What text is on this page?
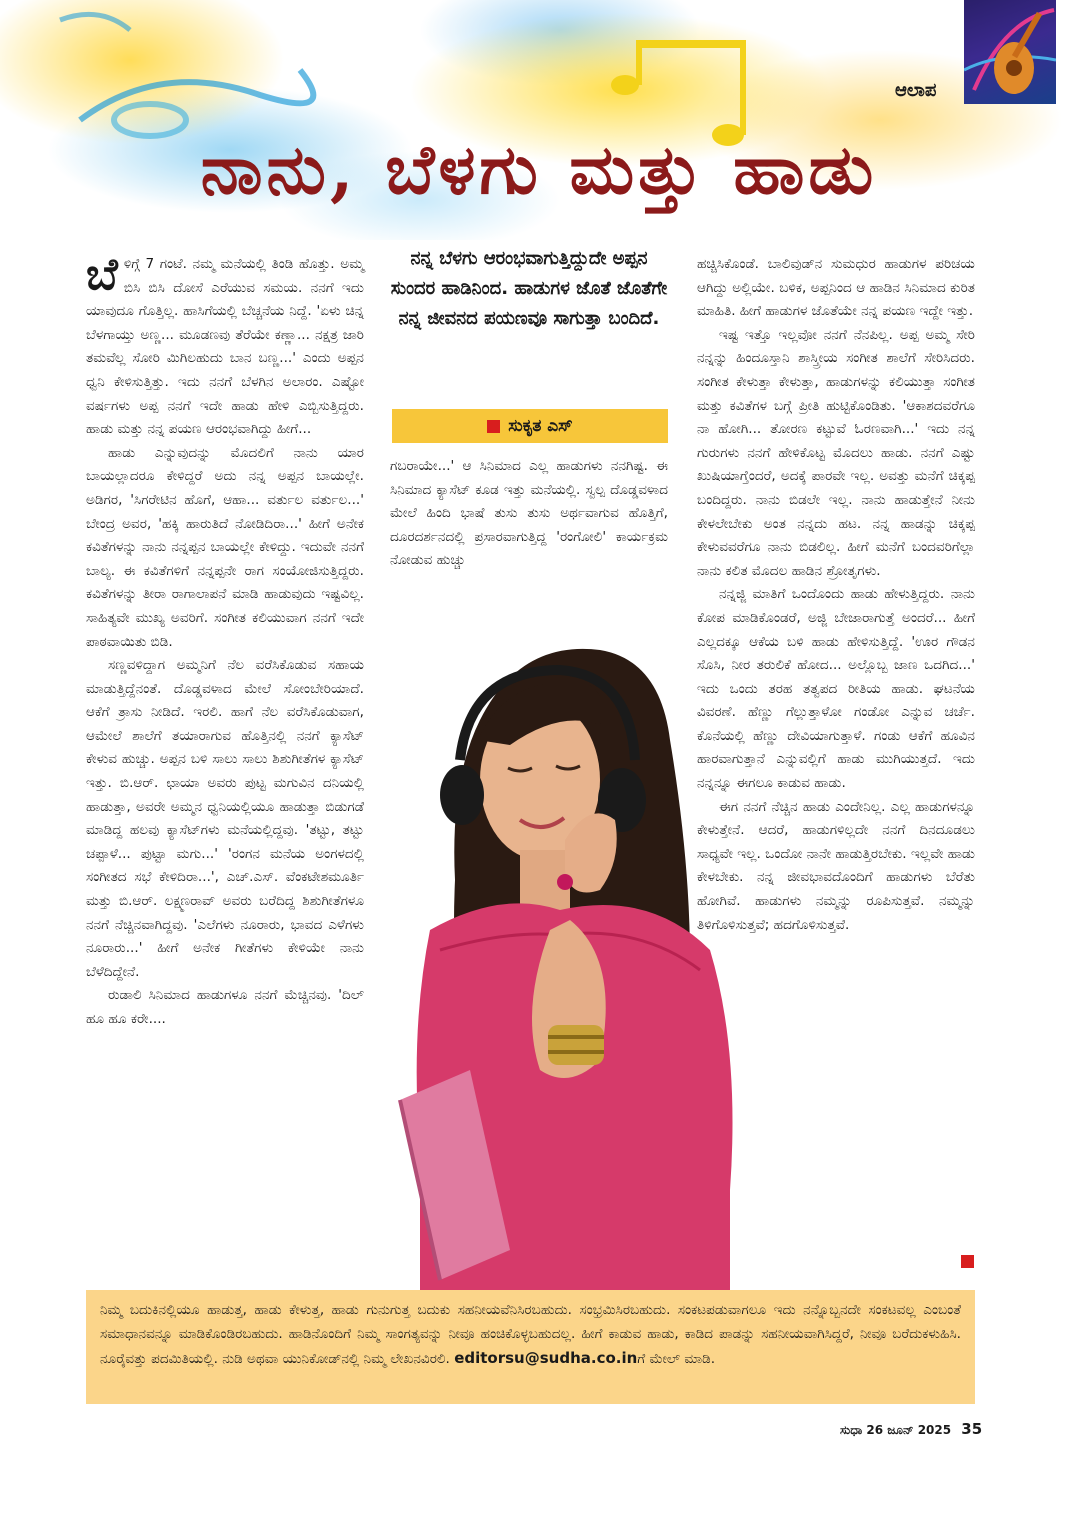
ಆಲಾಪ
ನಾನು, ಬೆಳಗು ಮತ್ತು ಹಾಡು

ಬೆಳಿಗ್ಗೆ 7 ಗಂಟೆ. ನಮ್ಮ ಮನೆಯಲ್ಲಿ ತಿಂಡಿ ಹೊತ್ತು. ಅಮ್ಮ ಬಿಸಿ ಬಿಸಿ ದೋಸೆ ಎರೆಯುವ ಸಮಯ. ನನಗೆ ಇದು ಯಾವುದೂ ಗೊತ್ತಿಲ್ಲ. ಹಾಸಿಗೆಯಲ್ಲಿ ಬೆಚ್ಚನೆಯ ನಿದ್ದೆ. 'ಏಳು ಚಿನ್ನ ಬೆಳಗಾಯ್ತು ಅಣ್ಣ... ಮೂಡಣವು ತೆರೆಯೇ ಕಣ್ಣಾ... ನಕ್ಷತ್ರ ಜಾರಿ ತಮವೆಲ್ಲ ಸೋರಿ ಮಿಗಿಲಹುದು ಬಾನ ಬಣ್ಣ...' ಎಂದು ಅಪ್ಪನ ಧ್ವನಿ ಕೇಳಿಸುತ್ತಿತ್ತು. ಇದು ನನಗೆ ಬೆಳಗಿನ ಅಲಾರಂ. ಎಷ್ಟೋ ವರ್ಷಗಳು ಅಪ್ಪ ನನಗೆ ಇದೇ ಹಾಡು ಹೇಳಿ ಎಬ್ಬಿಸುತ್ತಿದ್ದರು. ಹಾಡು ಮತ್ತು ನನ್ನ ಪಯಣ ಆರಂಭವಾಗಿದ್ದು ಹೀಗೆ...

ಹಾಡು ಎನ್ನುವುದನ್ನು ಮೊದಲಿಗೆ ನಾನು ಯಾರ ಬಾಯಲ್ಲಾದರೂ ಕೇಳಿದ್ದರೆ ಅದು ನನ್ನ ಅಪ್ಪನ ಬಾಯಲ್ಲೇ. ಅಡಿಗರ, 'ಸಿಗರೇಟಿನ ಹೊಗೆ, ಆಹಾ... ವರ್ತುಲ ವರ್ತುಲ...' ಬೇಂದ್ರ ಅವರ, 'ಹಕ್ಕಿ ಹಾರುತಿದೆ ನೋಡಿದಿರಾ...' ಹೀಗೆ ಅನೇಕ ಕವಿತೆಗಳನ್ನು ನಾನು ನನ್ನಪ್ಪನ ಬಾಯಲ್ಲೇ ಕೇಳಿದ್ದು. ಇದುವೇ ನನಗೆ ಬಾಲ್ಯ. ಈ ಕವಿತೆಗಳಿಗೆ ನನ್ನಪ್ಪನೇ ರಾಗ ಸಂಯೋಜಿಸುತ್ತಿದ್ದರು. ಕವಿತೆಗಳನ್ನು ತೀರಾ ರಾಗಾಲಾಪನೆ ಮಾಡಿ ಹಾಡುವುದು ಇಷ್ಟವಿಲ್ಲ. ಸಾಹಿತ್ಯವೇ ಮುಖ್ಯ ಅವರಿಗೆ. ಸಂಗೀತ ಕಲಿಯುವಾಗ ನನಗೆ ಇದೇ ಪಾಠವಾಯಿತು ಬಿಡಿ.

ಸಣ್ಣವಳಿದ್ದಾಗ ಅಮ್ಮನಿಗೆ ನೆಲ ವರೆಸಿಕೊಡುವ ಸಹಾಯ ಮಾಡುತ್ತಿದ್ದೆನಂತೆ. ದೊಡ್ಡವಳಾದ ಮೇಲೆ ಸೋಂಬೇರಿಯಾದೆ. ಆಕೆಗೆ ತ್ರಾಸು ನೀಡಿದೆ. ಇರಲಿ. ಹಾಗೆ ನೆಲ ವರೆಸಿಕೊಡುವಾಗ, ಆಮೇಲೆ ಶಾಲೆಗೆ ತಯಾರಾಗುವ ಹೊತ್ತಿನಲ್ಲಿ ನನಗೆ ಕ್ಯಾಸೆಟ್ ಕೇಳುವ ಹುಚ್ಚು. ಅಪ್ಪನ ಬಳಿ ಸಾಲು ಸಾಲು ಶಿಶುಗೀತೆಗಳ ಕ್ಯಾಸೆಟ್ ಇತ್ತು. ಬಿ.ಆರ್. ಛಾಯಾ ಅವರು ಪುಟ್ಟ ಮಗುವಿನ ದನಿಯಲ್ಲಿ ಹಾಡುತ್ತಾ, ಅವರೇ ಅಮ್ಮನ ಧ್ವನಿಯಲ್ಲಿಯೂ ಹಾಡುತ್ತಾ ಬಿಡುಗಡೆ ಮಾಡಿದ್ದ ಹಲವು ಕ್ಯಾಸೆಟ್‌ಗಳು ಮನೆಯಲ್ಲಿದ್ದವು. 'ತಟ್ಟು, ತಟ್ಟು ಚಪ್ಪಾಳೆ... ಪುಟ್ಟಾ ಮಗು...' 'ರಂಗನ ಮನೆಯ ಅಂಗಳದಲ್ಲಿ ಸಂಗೀತದ ಸಭೆ ಕೇಳಿದಿರಾ...', ಎಚ್.ಎಸ್. ವೆಂಕಟೇಶಮೂರ್ತಿ ಮತ್ತು ಬಿ.ಆರ್. ಲಕ್ಷ್ಮಣರಾವ್ ಅವರು ಬರೆದಿದ್ದ ಶಿಶುಗೀತೆಗಳೂ ನನಗೆ ನೆಚ್ಚಿನವಾಗಿದ್ದವು. 'ಎಲೆಗಳು ನೂರಾರು, ಭಾವದ ಎಳೆಗಳು ನೂರಾರು...' ಹೀಗೆ ಅನೇಕ ಗೀತೆಗಳು ಕೇಳಿಯೇ ನಾನು ಬೆಳೆದಿದ್ದೇನೆ.

ರುಡಾಲಿ ಸಿನಿಮಾದ ಹಾಡುಗಳೂ ನನಗೆ ಮೆಚ್ಚಿನವು. 'ದಿಲ್ ಹೂ ಹೂ ಕರೇ....

ನನ್ನ ಬೆಳಗು ಆರಂಭವಾಗುತ್ತಿದ್ದುದೇ ಅಪ್ಪನ ಸುಂದರ ಹಾಡಿನಿಂದ. ಹಾಡುಗಳ ಜೊತೆ ಜೊತೆಗೇ ನನ್ನ ಜೀವನದ ಪಯಣವೂ ಸಾಗುತ್ತಾ ಬಂದಿದೆ.
ಸುಕೃತ ಎಸ್

ಗಬರಾಯೇ...' ಆ ಸಿನಿಮಾದ ಎಲ್ಲ ಹಾಡುಗಳು ನನಗಿಷ್ಟ. ಈ ಸಿನಿಮಾದ ಕ್ಯಾಸೆಟ್ ಕೂಡ ಇತ್ತು ಮನೆಯಲ್ಲಿ. ಸ್ವಲ್ಪ ದೊಡ್ಡವಳಾದ ಮೇಲೆ ಹಿಂದಿ ಭಾಷೆ ತುಸು ತುಸು ಅರ್ಥವಾಗುವ ಹೊತ್ತಿಗೆ, ದೂರದರ್ಶನದಲ್ಲಿ ಪ್ರಸಾರವಾಗುತ್ತಿದ್ದ 'ರಂಗೋಲಿ' ಕಾರ್ಯಕ್ರಮ ನೋಡುವ ಹುಚ್ಚು

ಹಚ್ಚಿಸಿಕೊಂಡೆ. ಬಾಲಿವುಡ್‌ನ ಸುಮಧುರ ಹಾಡುಗಳ ಪರಿಚಯ ಆಗಿದ್ದು ಅಲ್ಲಿಯೇ. ಬಳಿಕ, ಅಪ್ಪನಿಂದ ಆ ಹಾಡಿನ ಸಿನಿಮಾದ ಕುರಿತ ಮಾಹಿತಿ. ಹೀಗೆ ಹಾಡುಗಳ ಜೊತೆಯೇ ನನ್ನ ಪಯಣ ಇದ್ದೇ ಇತ್ತು.

ಇಷ್ಟ ಇತ್ತೊ ಇಲ್ಲವೋ ನನಗೆ ನೆನಪಿಲ್ಲ. ಅಪ್ಪ ಅಮ್ಮ ಸೇರಿ ನನ್ನನ್ನು ಹಿಂದೂಸ್ತಾನಿ ಶಾಸ್ತ್ರೀಯ ಸಂಗೀತ ಶಾಲೆಗೆ ಸೇರಿಸಿದರು. ಸಂಗೀತ ಕೇಳುತ್ತಾ ಕೇಳುತ್ತಾ, ಹಾಡುಗಳನ್ನು ಕಲಿಯುತ್ತಾ ಸಂಗೀತ ಮತ್ತು ಕವಿತೆಗಳ ಬಗ್ಗೆ ಪ್ರೀತಿ ಹುಟ್ಟಿಕೊಂಡಿತು. 'ಆಕಾಶದವರೆಗೂ ನಾ ಹೋಗಿ... ತೋರಣ ಕಟ್ಟುವೆ ಓರಣವಾಗಿ...' ಇದು ನನ್ನ ಗುರುಗಳು ನನಗೆ ಹೇಳಿಕೊಟ್ಟ ಮೊದಲು ಹಾಡು. ನನಗೆ ಎಷ್ಟು ಖುಷಿಯಾಗ್ತೆಂದರೆ, ಅದಕ್ಕೆ ಪಾರವೇ ಇಲ್ಲ. ಅವತ್ತು ಮನೆಗೆ ಚಿಕ್ಕಪ್ಪ ಬಂದಿದ್ದರು. ನಾನು ಬಿಡಲೇ ಇಲ್ಲ. ನಾನು ಹಾಡುತ್ತೇನೆ ನೀನು ಕೇಳಲೇಬೇಕು ಅಂತ ನನ್ನದು ಹಟ. ನನ್ನ ಹಾಡನ್ನು ಚಿಕ್ಕಪ್ಪ ಕೇಳುವವರೆಗೂ ನಾನು ಬಿಡಲಿಲ್ಲ. ಹೀಗೆ ಮನೆಗೆ ಬಂದವರಿಗೆಲ್ಲಾ ನಾನು ಕಲಿತ ಮೊದಲ ಹಾಡಿನ ಶ್ರೋತೃಗಳು.

ನನ್ನಜ್ಜಿ ಮಾತಿಗೆ ಒಂದೊಂದು ಹಾಡು ಹೇಳುತ್ತಿದ್ದರು. ನಾನು ಕೋಪ ಮಾಡಿಕೊಂಡರೆ, ಅಜ್ಜಿ ಬೇಜಾರಾಗುತ್ತೆ ಅಂದರೆ... ಹೀಗೆ ಎಲ್ಲದಕ್ಕೂ ಆಕೆಯ ಬಳಿ ಹಾಡು ಹೇಳಿಸುತ್ತಿದ್ದೆ. 'ಊರ ಗೌಡನ ಸೊಸಿ, ನೀರ ತರುಲಿಕೆ ಹೋದ... ಅಲ್ಲೊಬ್ಬ ಜಾಣ ಒದಗಿದ...' ಇದು ಒಂದು ತರಹ ತತ್ವಪದ ರೀತಿಯ ಹಾಡು. ಘಟನೆಯ ವಿವರಣೆ. ಹೆಣ್ಣು ಗೆಲ್ಲುತ್ತಾಳೋ ಗಂಡೋ ಎನ್ನುವ ಚರ್ಚೆ. ಕೊನೆಯಲ್ಲಿ ಹೆಣ್ಣು ದೇವಿಯಾಗುತ್ತಾಳೆ. ಗಂಡು ಆಕೆಗೆ ಹೂವಿನ ಹಾರವಾಗುತ್ತಾನೆ ಎನ್ನುವಲ್ಲಿಗೆ ಹಾಡು ಮುಗಿಯುತ್ತದೆ. ಇದು ನನ್ನನ್ನೂ ಈಗಲೂ ಕಾಡುವ ಹಾಡು.

ಈಗ ನನಗೆ ನೆಚ್ಚಿನ ಹಾಡು ಎಂದೇನಿಲ್ಲ. ಎಲ್ಲ ಹಾಡುಗಳನ್ನೂ ಕೇಳುತ್ತೇನೆ. ಆದರೆ, ಹಾಡುಗಳಿಲ್ಲದೇ ನನಗೆ ದಿನದೂಡಲು ಸಾಧ್ಯವೇ ಇಲ್ಲ. ಒಂದೋ ನಾನೇ ಹಾಡುತ್ತಿರಬೇಕು. ಇಲ್ಲವೇ ಹಾಡು ಕೇಳಬೇಕು. ನನ್ನ ಜೀವಭಾವದೊಂದಿಗೆ ಹಾಡುಗಳು ಬೆರೆತು ಹೋಗಿವೆ. ಹಾಡುಗಳು ನಮ್ಮನ್ನು ರೂಪಿಸುತ್ತವೆ. ನಮ್ಮನ್ನು ತಿಳಿಗೊಳಿಸುತ್ತವೆ; ಹದಗೊಳಿಸುತ್ತವೆ.

ನಿಮ್ಮ ಬದುಕಿನಲ್ಲಿಯೂ ಹಾಡುತ್ತ, ಹಾಡು ಕೇಳುತ್ತ, ಹಾಡು ಗುನುಗುತ್ತ ಬದುಕು ಸಹನೀಯವೆನಿಸಿರಬಹುದು. ಸಂಭ್ರಮಿಸಿರಬಹುದು. ಸಂಕಟಪಡುವಾಗಲೂ ಇದು ನನ್ನೊಬ್ಬನದೇ ಸಂಕಟವಲ್ಲ ಎಂಬಂತೆ ಸಮಾಧಾನವನ್ನೂ ಮಾಡಿಕೊಂಡಿರಬಹುದು. ಹಾಡಿನೊಂದಿಗೆ ನಿಮ್ಮ ಸಾಂಗತ್ಯವನ್ನು ನೀವೂ ಹಂಚಿಕೊಳ್ಳಬಹುದಲ್ಲ. ಹೀಗೆ ಕಾಡುವ ಹಾಡು, ಕಾಡಿದ ಪಾಡನ್ನು ಸಹನೀಯವಾಗಿಸಿದ್ದರೆ, ನೀವೂ ಬರೆದುಕಳುಹಿಸಿ. ನೂರೈವತ್ತು ಪದಮಿತಿಯಲ್ಲಿ. ನುಡಿ ಅಥವಾ ಯುನಿಕೋಡ್‌ನಲ್ಲಿ ನಿಮ್ಮ ಲೇಖನವಿರಲಿ. editorsu@sudha.co.inಗೆ ಮೇಲ್ ಮಾಡಿ.
ಸುಧಾ 26 ಜೂನ್ 2025 35
